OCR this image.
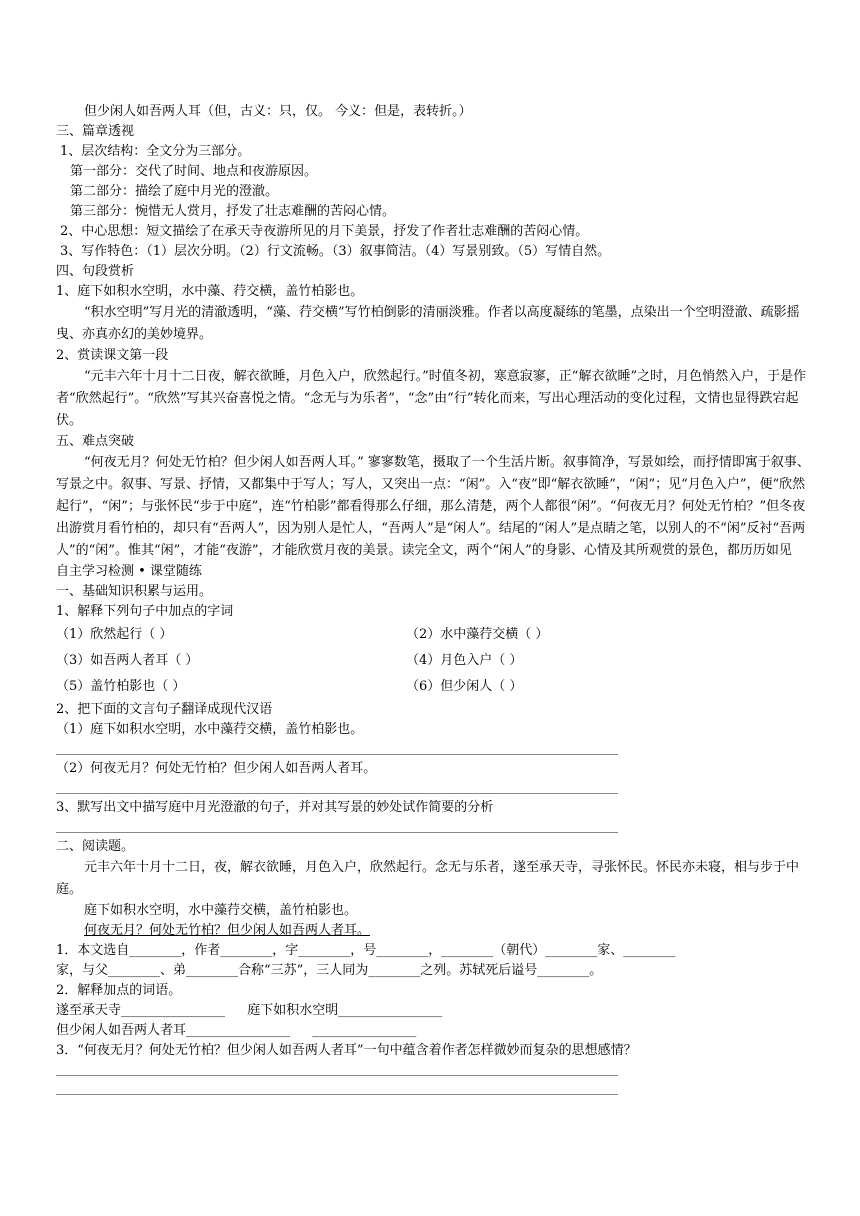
但少闲人如吾两人耳（但，古义：只，仅。 今义：但是，表转折。）
三、篇章透视
1、层次结构：全文分为三部分。
第一部分：交代了时间、地点和夜游原因。
第二部分：描绘了庭中月光的澄澈。
第三部分：惋惜无人赏月，抒发了壮志难酬的苦闷心情。
2、中心思想：短文描绘了在承天寺夜游所见的月下美景，抒发了作者壮志难酬的苦闷心情。
3、写作特色：（1）层次分明。（2）行文流畅。（3）叙事简洁。（4）写景别致。（5）写情自然。
四、句段赏析
1、庭下如积水空明，水中藻、荇交横，盖竹柏影也。
“积水空明”写月光的清澈透明，“藻、荇交横”写竹柏倒影的清丽淡雅。作者以高度凝练的笔墨，点染出一个空明澄澈、疏影摇曳、亦真亦幻的美妙境界。
2、赏读课文第一段
“元丰六年十月十二日夜，解衣欲睡，月色入户，欣然起行。”时值冬初，寒意寂寥，正“解衣欲睡”之时，月色悄然入户，于是作者“欣然起行”。“欣然”写其兴奋喜悦之情。“念无与为乐者”，“念”由“行”转化而来，写出心理活动的变化过程，文情也显得跌宕起伏。
五、难点突破
“何夜无月？何处无竹柏？但少闲人如吾两人耳。” 寥寥数笔，摄取了一个生活片断。叙事简净，写景如绘，而抒情即寓于叙事、写景之中。叙事、写景、抒情，又都集中于写人；写人，又突出一点：“闲”。入“夜”即“解衣欲睡”，“闲”；见“月色入户”，便“欣然起行”，“闲”；与张怀民“步于中庭”，连“竹柏影”都看得那么仔细，那么清楚，两个人都很“闲”。“何夜无月？何处无竹柏？”但冬夜出游赏月看竹柏的，却只有“吾两人”，因为别人是忙人，“吾两人”是“闲人”。结尾的“闲人”是点睛之笔，以别人的不“闲”反衬“吾两人”的“闲”。惟其“闲”，才能“夜游”，才能欣赏月夜的美景。读完全文，两个“闲人”的身影、心情及其所观赏的景色，都历历如见
自主学习检测 • 课堂随练
一、基础知识积累与运用。
1、解释下列句子中加点的字词
（1）欣然起行（ ）	（2）水中藻荇交横（ ）
（3）如吾两人者耳（ ）	（4）月色入户（ ）
（5）盖竹柏影也（ ）	（6）但少闲人（ ）
2、把下面的文言句子翻译成现代汉语
（1）庭下如积水空明，水中藻荇交横，盖竹柏影也。
（2）何夜无月？何处无竹柏？但少闲人如吾两人者耳。
3、默写出文中描写庭中月光澄澈的句子，并对其写景的妙处试作简要的分析
二、阅读题。
元丰六年十月十二日，夜，解衣欲睡，月色入户，欣然起行。念无与乐者，遂至承天寺，寻张怀民。怀民亦未寝，相与步于中庭。
庭下如积水空明，水中藻荇交横，盖竹柏影也。
何夜无月？何处无竹柏？但少闲人如吾两人者耳。
1．本文选自________，作者________，字________，号________，________（朝代）________家、________
家，与父________、弟________合称“三苏”，三人同为________之列。苏轼死后谥号________。
2．解释加点的词语。
遂至承天寺________________ 庭下如积水空明________________
但少闲人如吾两人者耳________________ ________________
3．“何夜无月？何处无竹柏？但少闲人如吾两人者耳”一句中蕴含着作者怎样微妙而复杂的思想感情？
